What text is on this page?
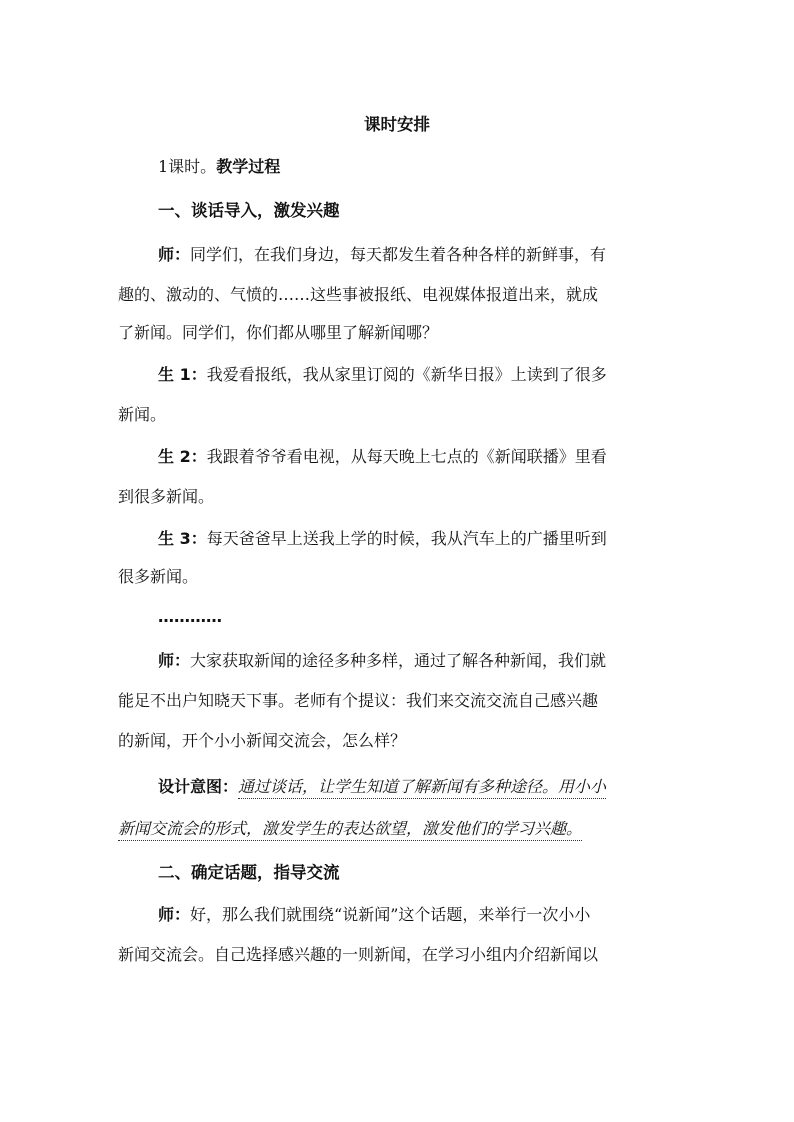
课时安排
1课时。教学过程
一、谈话导入，激发兴趣
师：同学们，在我们身边，每天都发生着各种各样的新鲜事，有
趣的、激动的、气愤的……这些事被报纸、电视媒体报道出来，就成
了新闻。同学们，你们都从哪里了解新闻哪？
生 1：我爱看报纸，我从家里订阅的《新华日报》上读到了很多
新闻。
生 2：我跟着爷爷看电视，从每天晚上七点的《新闻联播》里看
到很多新闻。
生 3：每天爸爸早上送我上学的时候，我从汽车上的广播里听到
很多新闻。
…………
师：大家获取新闻的途径多种多样，通过了解各种新闻，我们就
能足不出户知晓天下事。老师有个提议：我们来交流交流自己感兴趣
的新闻，开个小小新闻交流会，怎么样？
设计意图：通过谈话，让学生知道了解新闻有多种途径。用小小
新闻交流会的形式，激发学生的表达欲望，激发他们的学习兴趣。
二、确定话题，指导交流
师：好，那么我们就围绕“说新闻”这个话题，来举行一次小小
新闻交流会。自己选择感兴趣的一则新闻，在学习小组内介绍新闻以
